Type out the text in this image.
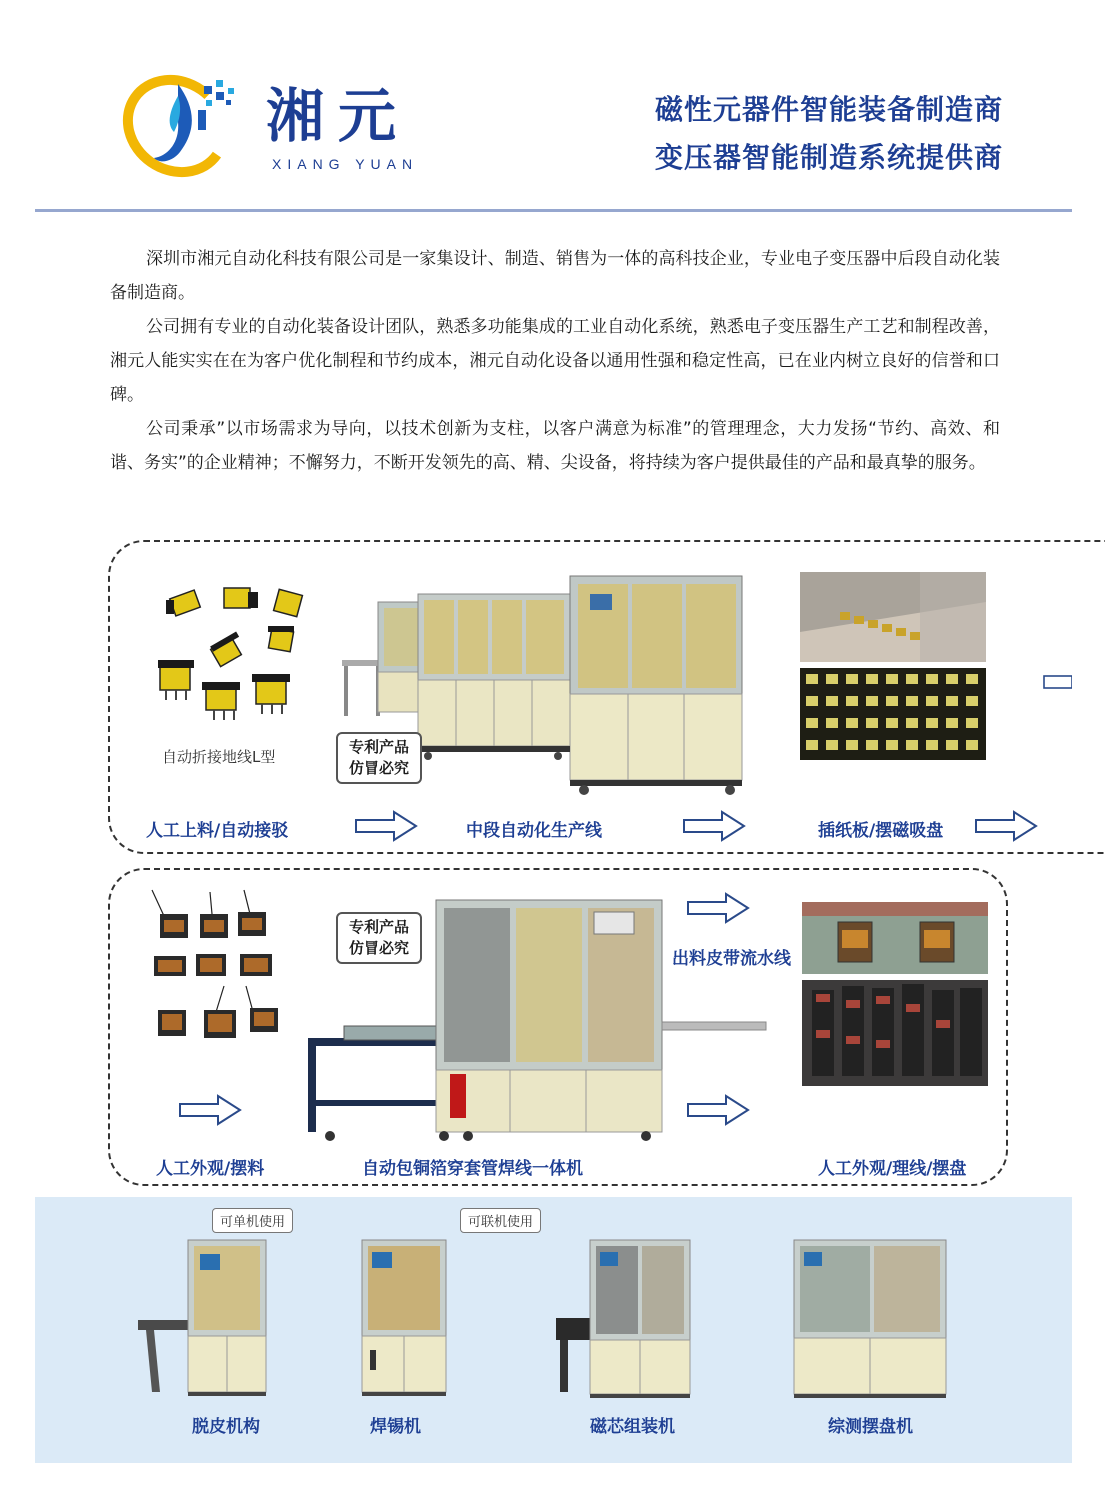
湘元
XIANG YUAN
磁性元器件智能装备制造商
变压器智能制造系统提供商

深圳市湘元自动化科技有限公司是一家集设计、制造、销售为一体的高科技企业，专业电子变压器中后段自动化装备制造商。

公司拥有专业的自动化装备设计团队，熟悉多功能集成的工业自动化系统，熟悉电子变压器生产工艺和制程改善，湘元人能实实在在为客户优化制程和节约成本，湘元自动化设备以通用性强和稳定性高，已在业内树立良好的信誉和口碑。

公司秉承”以市场需求为导向，以技术创新为支柱，以客户满意为标准”的管理理念，大力发扬“节约、高效、和谐、务实”的企业精神；不懈努力，不断开发领先的高、精、尖设备，将持续为客户提供最佳的产品和最真挚的服务。

自动折接地线L型
专利产品
仿冒必究
人工上料/自动接驳	中段自动化生产线	插纸板/摆磁吸盘
专利产品
仿冒必究
出料皮带流水线
人工外观/摆料	自动包铜箔穿套管焊线一体机	人工外观/理线/摆盘
可单机使用	可联机使用
脱皮机构	焊锡机	磁芯组装机	综测摆盘机
